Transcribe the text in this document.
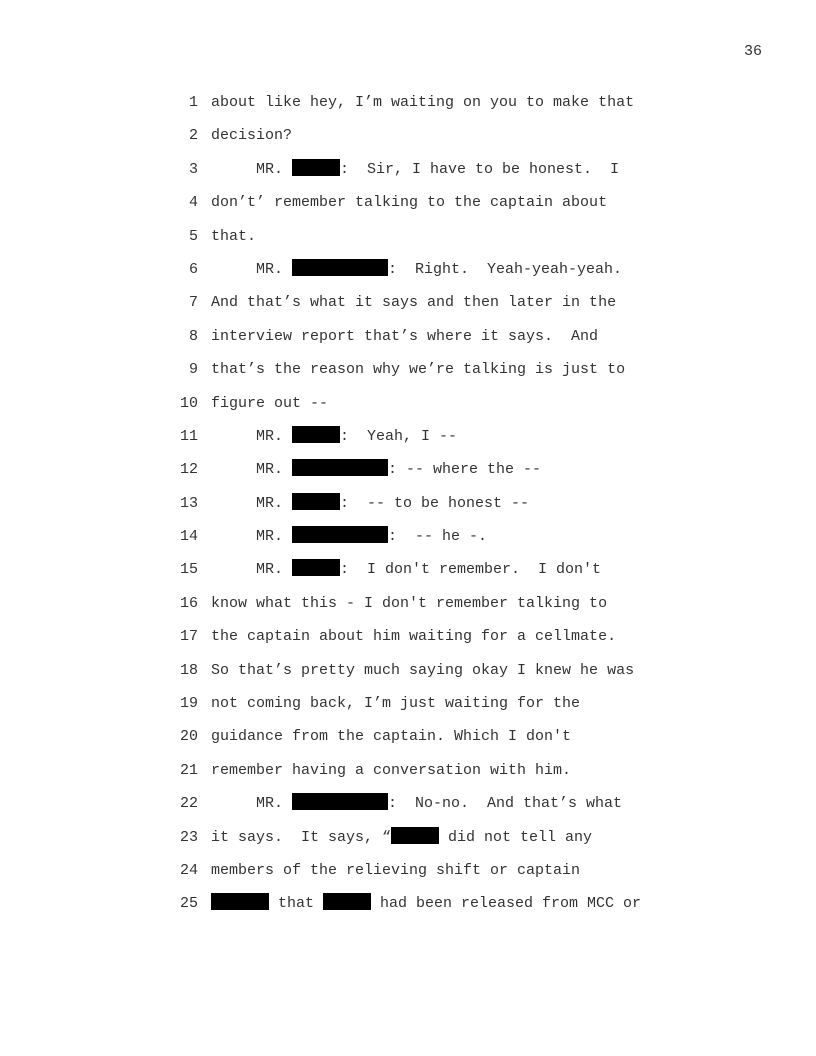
36
1 about like hey, I’m waiting on you to make that
2 decision?
3 MR.	:  Sir, I have to be honest.  I
4 don’t’ remember talking to the captain about
5 that.
6 MR.	:  Right.  Yeah-yeah-yeah.
7 And that’s what it says and then later in the
8 interview report that’s where it says.  And
9 that’s the reason why we’re talking is just to
10 figure out --
11 MR.	:  Yeah, I --
12 MR.	: -- where the --
13 MR.	:  -- to be honest --
14 MR.	:  -- he -.
15 MR.	:  I don't remember.  I don't
16 know what this - I don't remember talking to
17 the captain about him waiting for a cellmate.
18 So that’s pretty much saying okay I knew he was
19 not coming back, I’m just waiting for the
20 guidance from the captain. Which I don't
21 remember having a conversation with him.
22 MR.	:  No-no.  And that’s what
23 it says.  It says, “	did not tell any
24 members of the relieving shift or captain
25	that	had been released from MCC or
